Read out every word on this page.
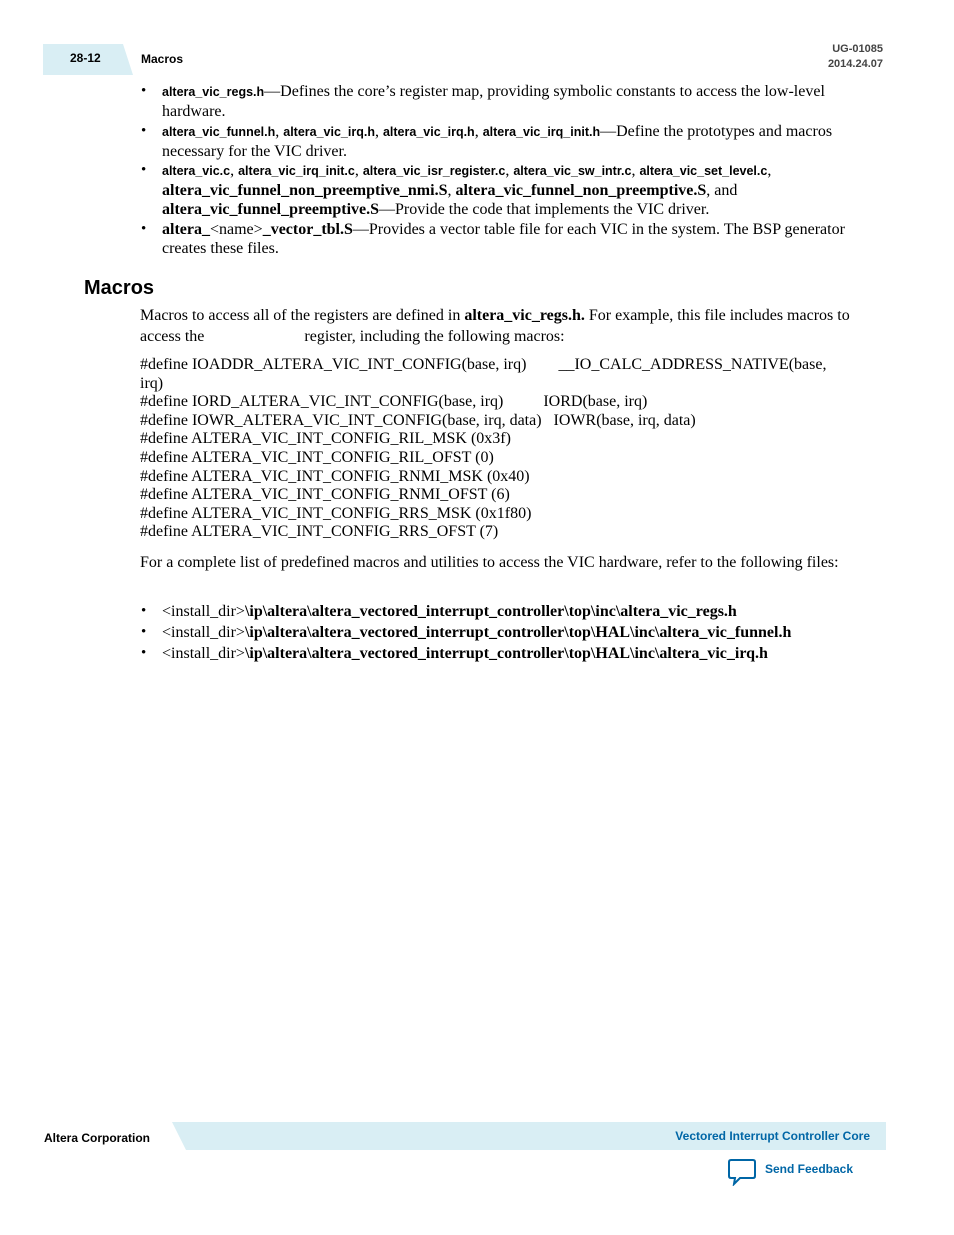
28-12	Macros
UG-01085
2014.24.07
• altera_vic_regs.h—Defines the core’s register map, providing symbolic constants to access the low-level hardware.
• altera_vic_funnel.h, altera_vic_irq.h, altera_vic_irq.h, altera_vic_irq_init.h—Define the prototypes and macros necessary for the VIC driver.
• altera_vic.c, altera_vic_irq_init.c, altera_vic_isr_register.c, altera_vic_sw_intr.c, altera_vic_set_level.c,
altera_vic_funnel_non_preemptive_nmi.S, altera_vic_funnel_non_preemptive.S, and
altera_vic_funnel_preemptive.S—Provide the code that implements the VIC driver.
• altera_<name>_vector_tbl.S—Provides a vector table file for each VIC in the system. The BSP generator creates these files.
Macros

Macros to access all of the registers are defined in altera_vic_regs.h. For example, this file includes macros to access the	register, including the following macros:

#define IOADDR_ALTERA_VIC_INT_CONFIG(base, irq)        __IO_CALC_ADDRESS_NATIVE(base,
irq)
#define IORD_ALTERA_VIC_INT_CONFIG(base, irq)          IORD(base, irq)
#define IOWR_ALTERA_VIC_INT_CONFIG(base, irq, data)   IOWR(base, irq, data)
#define ALTERA_VIC_INT_CONFIG_RIL_MSK (0x3f)
#define ALTERA_VIC_INT_CONFIG_RIL_OFST (0)
#define ALTERA_VIC_INT_CONFIG_RNMI_MSK (0x40)
#define ALTERA_VIC_INT_CONFIG_RNMI_OFST (6)
#define ALTERA_VIC_INT_CONFIG_RRS_MSK (0x1f80)
#define ALTERA_VIC_INT_CONFIG_RRS_OFST (7)

For a complete list of predefined macros and utilities to access the VIC hardware, refer to the following files:

• <install_dir>\ip\altera\altera_vectored_interrupt_controller\top\inc\altera_vic_regs.h
• <install_dir>\ip\altera\altera_vectored_interrupt_controller\top\HAL\inc\altera_vic_funnel.h
• <install_dir>\ip\altera\altera_vectored_interrupt_controller\top\HAL\inc\altera_vic_irq.h
Altera Corporation	Vectored Interrupt Controller Core
Send Feedback
